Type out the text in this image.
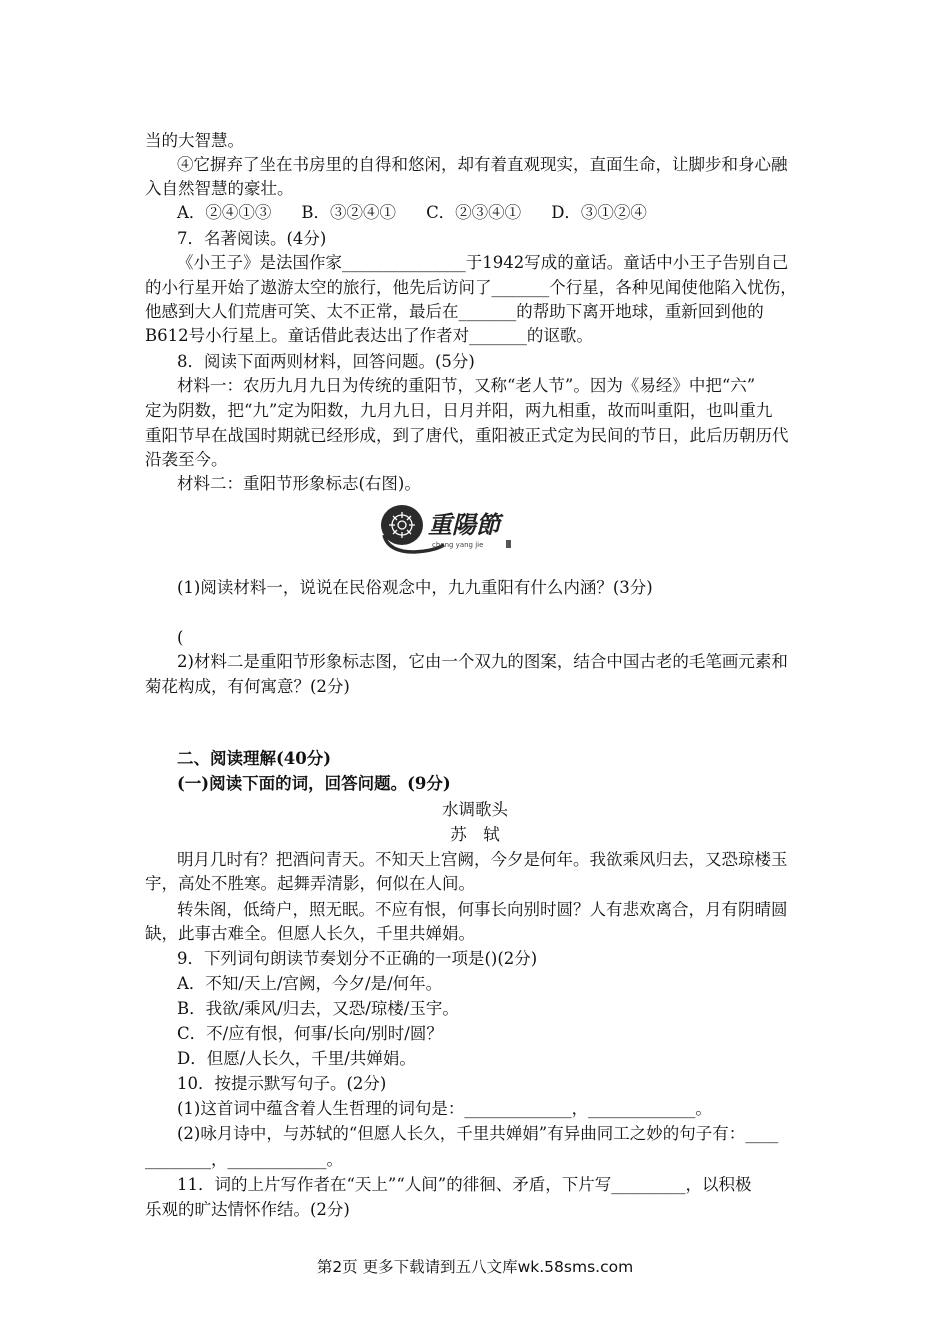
当的大智慧。
④它摒弃了坐在书房里的自得和悠闲，却有着直观现实，直面生命，让脚步和身心融
入自然智慧的豪壮。
A．②④①③ B．③②④① C．②③④① D．③①②④
7．名著阅读。(4分)
《小王子》是法国作家_______________于1942写成的童话。童话中小王子告别自己
的小行星开始了遨游太空的旅行，他先后访问了_______个行星，各种见闻使他陷入忧伤，
他感到大人们荒唐可笑、太不正常，最后在_______的帮助下离开地球，重新回到他的
B612号小行星上。童话借此表达出了作者对_______的讴歌。
8．阅读下面两则材料，回答问题。(5分)
材料一：农历九月九日为传统的重阳节，又称“老人节”。因为《易经》中把“六”
定为阴数，把“九”定为阳数，九月九日，日月并阳，两九相重，故而叫重阳，也叫重九
重阳节早在战国时期就已经形成，到了唐代，重阳被正式定为民间的节日，此后历朝历代
沿袭至今。
材料二：重阳节形象标志(右图)。
重陽節
chong yang jie
(1)阅读材料一，说说在民俗观念中，九九重阳有什么内涵？(3分)
(
2)材料二是重阳节形象标志图，它由一个双九的图案，结合中国古老的毛笔画元素和
菊花构成，有何寓意？(2分)
二、阅读理解(40分)
(一)阅读下面的词，回答问题。(9分)
水调歌头
苏　轼
明月几时有？把酒问青天。不知天上宫阙，今夕是何年。我欲乘风归去，又恐琼楼玉
宇，高处不胜寒。起舞弄清影，何似在人间。
转朱阁，低绮户，照无眠。不应有恨，何事长向别时圆？人有悲欢离合，月有阴晴圆
缺，此事古难全。但愿人长久，千里共婵娟。
9．下列词句朗读节奏划分不正确的一项是()(2分)
A．不知/天上/宫阙，今夕/是/何年。
B．我欲/乘风/归去，又恐/琼楼/玉宇。
C．不/应有恨，何事/长向/别时/圆？
D．但愿/人长久，千里/共婵娟。
10．按提示默写句子。(2分)
(1)这首词中蕴含着人生哲理的词句是：_____________，_____________。
(2)咏月诗中，与苏轼的“但愿人长久，千里共婵娟”有异曲同工之妙的句子有：____
________，____________。
11．词的上片写作者在“天上”“人间”的徘徊、矛盾，下片写_________，以积极
乐观的旷达情怀作结。(2分)
第2页 更多下载请到五八文库wk.58sms.com
